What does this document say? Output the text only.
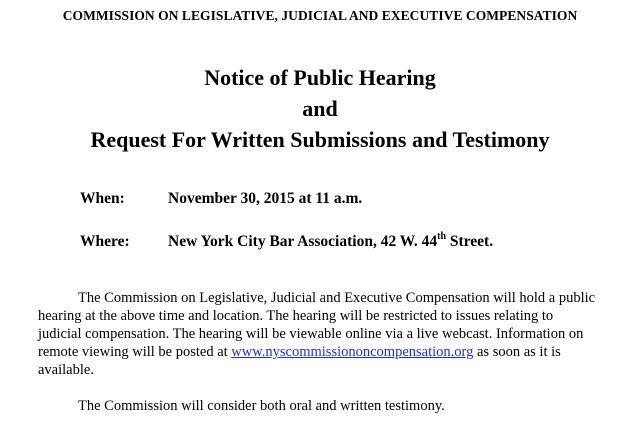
COMMISSION ON LEGISLATIVE, JUDICIAL AND EXECUTIVE COMPENSATION
Notice of Public Hearing
and
Request For Written Submissions and Testimony
When:	November 30, 2015 at 11 a.m.
Where: New York City Bar Association, 42 W. 44th Street.
The Commission on Legislative, Judicial and Executive Compensation will hold a public
hearing at the above time and location. The hearing will be restricted to issues relating to
judicial compensation. The hearing will be viewable online via a live webcast. Information on
remote viewing will be posted at www.nyscommissiononcompensation.org as soon as it is
available.
The Commission will consider both oral and written testimony.
